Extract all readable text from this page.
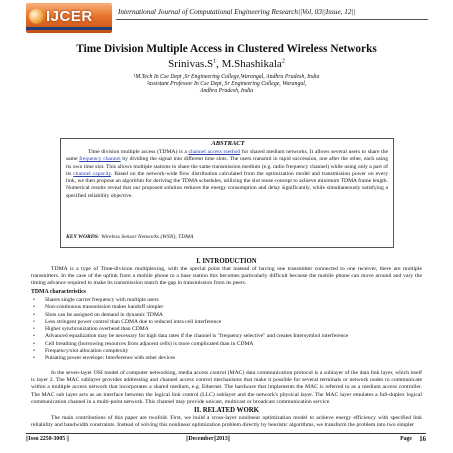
IJCER	International Journal of Computational Engineering Research||Vol, 03||Issue, 12||
Time Division Multiple Access in Clustered Wireless Networks
$Srinivas.S^1$, M.Shashikala$^2$
¹M.Tech In Cse Dept ,Sr Engineering College,Warangal, Andhra Pradesh, India
²assistant Professor In Cse Dept, Sr Engineering College, Warangal,
Andhra Pradesh, India
ABSTRACT
Time division multiple access (TDMA) is a channel access method for shared medium networks. It allows several users to share the same frequency channel by dividing the signal into different time slots. The users transmit in rapid succession, one after the other, each using its own time slot. This allows multiple stations to share the same transmission medium (e.g. radio frequency channel) while using only a part of its channel capacity. Based on the network-wide flow distribution calculated from the optimization model and transmission power on every link, we then propose an algorithm for deriving the TDMA schedules, utilizing the slot reuse concept to achieve minimum TDMA frame length. Numerical results reveal that our proposed solution reduces the energy consumption and delay significantly, while simultaneously satisfying a specified reliability objective.
KEY WORDS: Wireless Sensor Networks (WSN), TDMA
I. INTRODUCTION
TDMA is a type of Time-division multiplexing, with the special point that instead of having one transmitter connected to one receiver, there are multiple transmitters. In the case of the uplink from a mobile phone to a base station this becomes particularly difficult because the mobile phone can move around and vary the timing advance required to make its transmission match the gap in transmission from its peers.
TDMA characteristics
• Shares single carrier frequency with multiple users
• Non-continuous transmission makes handoff simpler
• Slots can be assigned on demand in dynamic TDMA
• Less stringent power control than CDMA due to reduced intra cell interference
• Higher synchronization overhead than CDMA
• Advanced equalization may be necessary for high data rates if the channel is "frequency selective" and creates Intersymbol interference
• Cell breathing (borrowing resources from adjacent cells) is more complicated than in CDMA
• Frequency/slot allocation complexity
• Pulsating power envelope: Interference with other devices
In the seven-layer OSI model of computer networking, media access control (MAC) data communication protocol is a sublayer of the data link layer, which itself is layer 2. The MAC sublayer provides addressing and channel access control mechanisms that make it possible for several terminals or network nodes to communicate within a multiple access network that incorporates a shared medium, e.g. Ethernet. The hardware that implements the MAC is referred to as a medium access controller. The MAC sub layer acts as an interface between the logical link control (LLC) sublayer and the network's physical layer. The MAC layer emulates a full-duplex logical communication channel in a multi-point network. This channel may provide unicast, multicast or broadcast communication service.
II. RELATED WORK
The main contributions of this paper are twofold. First, we build a cross-layer nonlinear optimization model to achieve energy efficiency with specified link reliability and bandwidth constraints. Instead of solving this nonlinear optimization problem directly by heuristic algorithms, we transform the problem into two simpler
||Issn 2250-3005 ||	||December||2013||	Page 16
